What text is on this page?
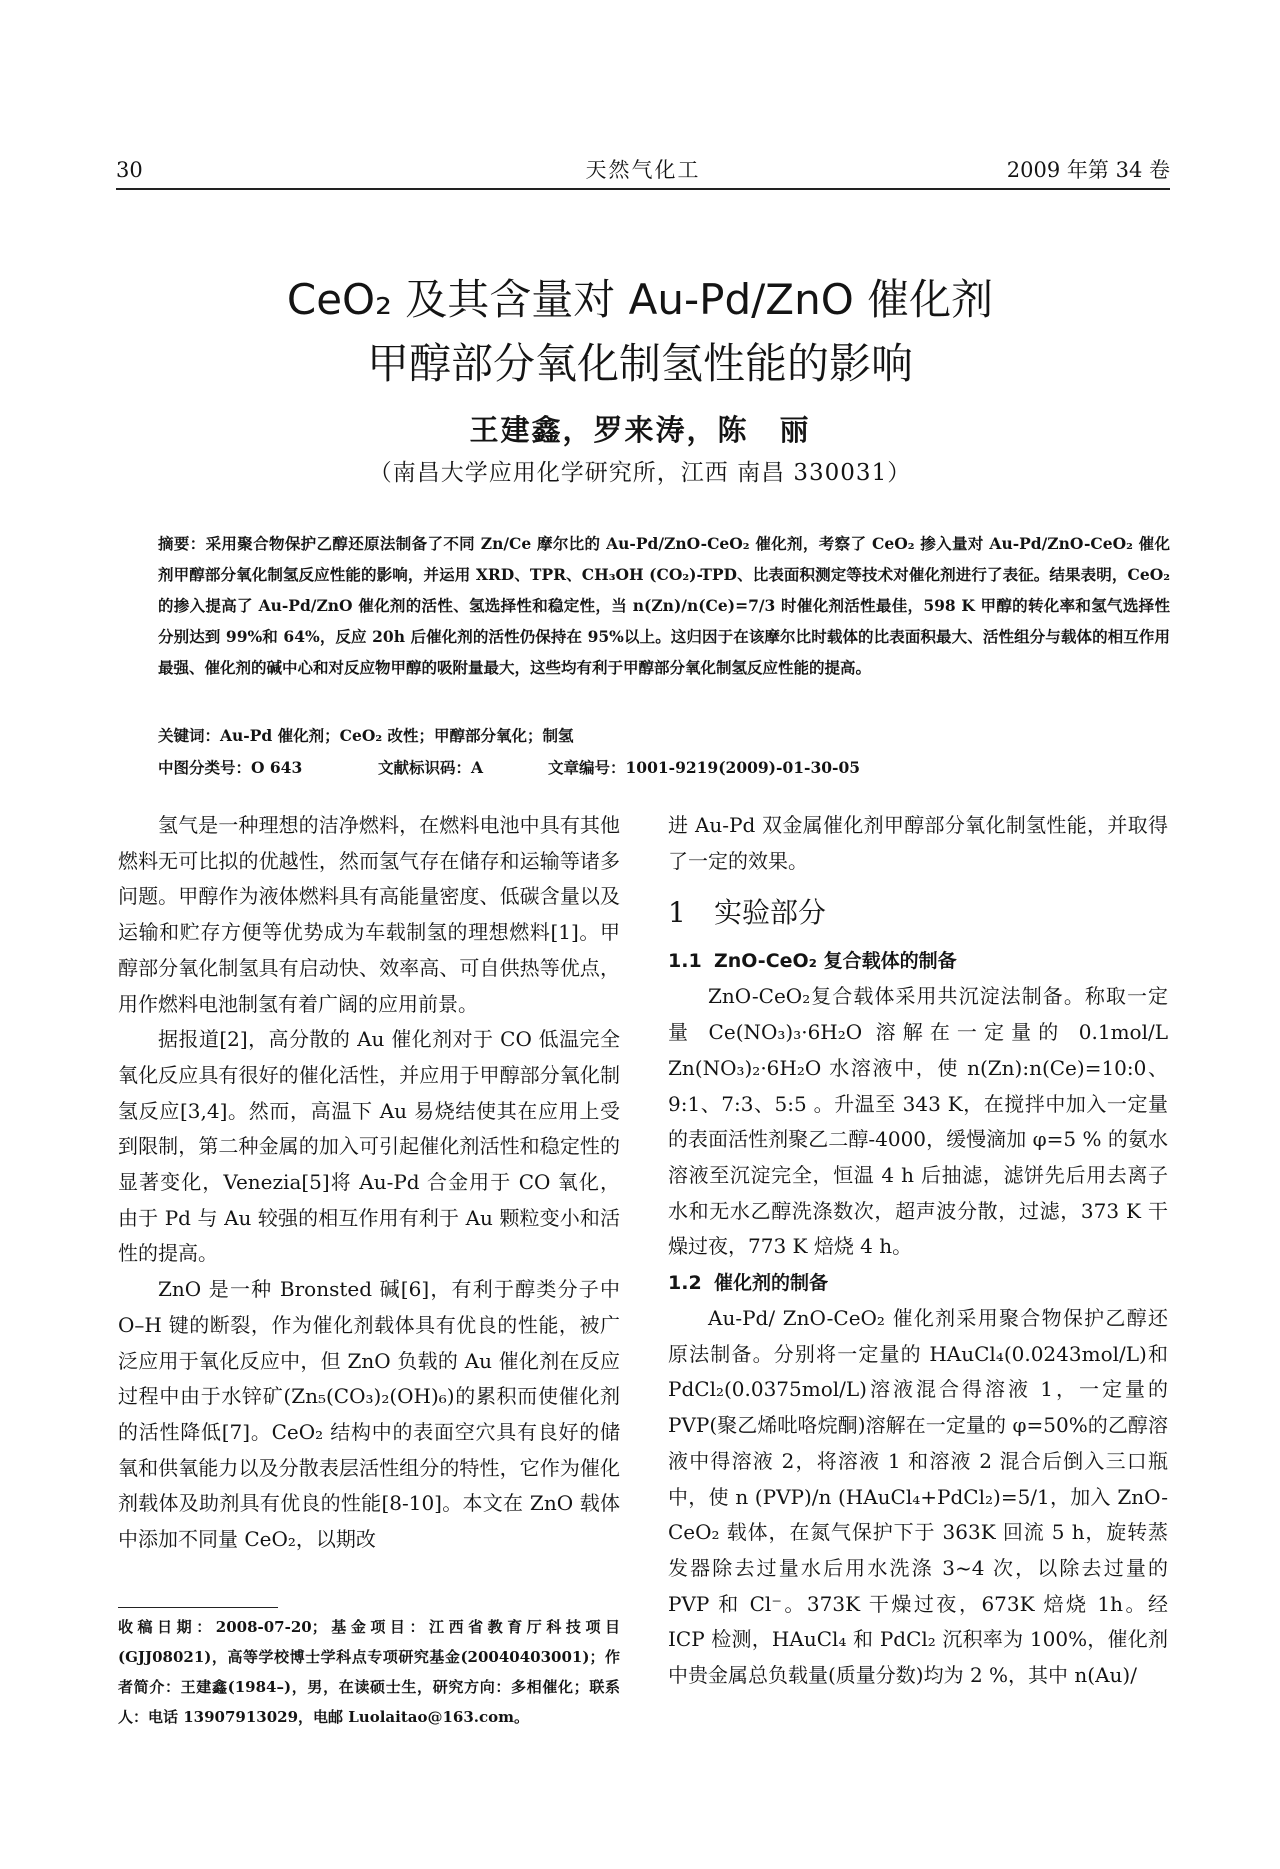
30	天然气化工	2009 年第 34 卷
CeO₂ 及其含量对 Au-Pd/ZnO 催化剂
甲醇部分氧化制氢性能的影响
王建鑫，罗来涛，陈　丽
（南昌大学应用化学研究所，江西 南昌 330031）
摘要：采用聚合物保护乙醇还原法制备了不同 Zn/Ce 摩尔比的 Au-Pd/ZnO-CeO₂ 催化剂，考察了 CeO₂ 掺入量对 Au-Pd/ZnO-CeO₂ 催化剂甲醇部分氧化制氢反应性能的影响，并运用 XRD、TPR、CH₃OH (CO₂)-TPD、比表面积测定等技术对催化剂进行了表征。结果表明，CeO₂ 的掺入提高了 Au-Pd/ZnO 催化剂的活性、氢选择性和稳定性，当 n(Zn)/n(Ce)=7/3 时催化剂活性最佳，598 K 甲醇的转化率和氢气选择性分别达到 99%和 64%，反应 20h 后催化剂的活性仍保持在 95%以上。这归因于在该摩尔比时载体的比表面积最大、活性组分与载体的相互作用最强、催化剂的碱中心和对反应物甲醇的吸附量最大，这些均有利于甲醇部分氧化制氢反应性能的提高。
关键词：Au-Pd 催化剂；CeO₂ 改性；甲醇部分氧化；制氢
中图分类号：O 643	文献标识码：A	文章编号：1001-9219(2009)-01-30-05

氢气是一种理想的洁净燃料，在燃料电池中具有其他燃料无可比拟的优越性，然而氢气存在储存和运输等诸多问题。甲醇作为液体燃料具有高能量密度、低碳含量以及运输和贮存方便等优势成为车载制氢的理想燃料[1]。甲醇部分氧化制氢具有启动快、效率高、可自供热等优点，用作燃料电池制氢有着广阔的应用前景。

据报道[2]，高分散的 Au 催化剂对于 CO 低温完全氧化反应具有很好的催化活性，并应用于甲醇部分氧化制氢反应[3,4]。然而，高温下 Au 易烧结使其在应用上受到限制，第二种金属的加入可引起催化剂活性和稳定性的显著变化，Venezia[5]将 Au-Pd 合金用于 CO 氧化，由于 Pd 与 Au 较强的相互作用有利于 Au 颗粒变小和活性的提高。

ZnO 是一种 Bronsted 碱[6]，有利于醇类分子中 O–H 键的断裂，作为催化剂载体具有优良的性能，被广泛应用于氧化反应中，但 ZnO 负载的 Au 催化剂在反应过程中由于水锌矿(Zn₅(CO₃)₂(OH)₆)的累积而使催化剂的活性降低[7]。CeO₂ 结构中的表面空穴具有良好的储氧和供氧能力以及分散表层活性组分的特性，它作为催化剂载体及助剂具有优良的性能[8-10]。本文在 ZnO 载体中添加不同量 CeO₂，以期改

收稿日期：2008-07-20；基金项目：江西省教育厅科技项目(GJJ08021)，高等学校博士学科点专项研究基金(20040403001)；作者简介：王建鑫(1984–)，男，在读硕士生，研究方向：多相催化；联系人：电话 13907913029，电邮 Luolaitao@163.com。

进 Au-Pd 双金属催化剂甲醇部分氧化制氢性能，并取得了一定的效果。

1 实验部分
1.1 ZnO-CeO₂ 复合载体的制备

ZnO-CeO₂复合载体采用共沉淀法制备。称取一定量 Ce(NO₃)₃·6H₂O 溶解在一定量的 0.1mol/L Zn(NO₃)₂·6H₂O 水溶液中，使 n(Zn):n(Ce)=10:0、9:1、7:3、5:5 。升温至 343 K，在搅拌中加入一定量的表面活性剂聚乙二醇-4000，缓慢滴加 φ=5 % 的氨水溶液至沉淀完全，恒温 4 h 后抽滤，滤饼先后用去离子水和无水乙醇洗涤数次，超声波分散，过滤，373 K 干燥过夜，773 K 焙烧 4 h。

1.2 催化剂的制备

Au-Pd/ ZnO-CeO₂ 催化剂采用聚合物保护乙醇还原法制备。分别将一定量的 HAuCl₄(0.0243mol/L)和 PdCl₂(0.0375mol/L)溶液混合得溶液 1，一定量的 PVP(聚乙烯吡咯烷酮)溶解在一定量的 φ=50%的乙醇溶液中得溶液 2，将溶液 1 和溶液 2 混合后倒入三口瓶中，使 n (PVP)/n (HAuCl₄+PdCl₂)=5/1，加入 ZnO-CeO₂ 载体，在氮气保护下于 363K 回流 5 h，旋转蒸发器除去过量水后用水洗涤 3~4 次，以除去过量的 PVP 和 Cl⁻。373K 干燥过夜，673K 焙烧 1h。经 ICP 检测，HAuCl₄ 和 PdCl₂ 沉积率为 100%，催化剂中贵金属总负载量(质量分数)均为 2 %，其中 n(Au)/
